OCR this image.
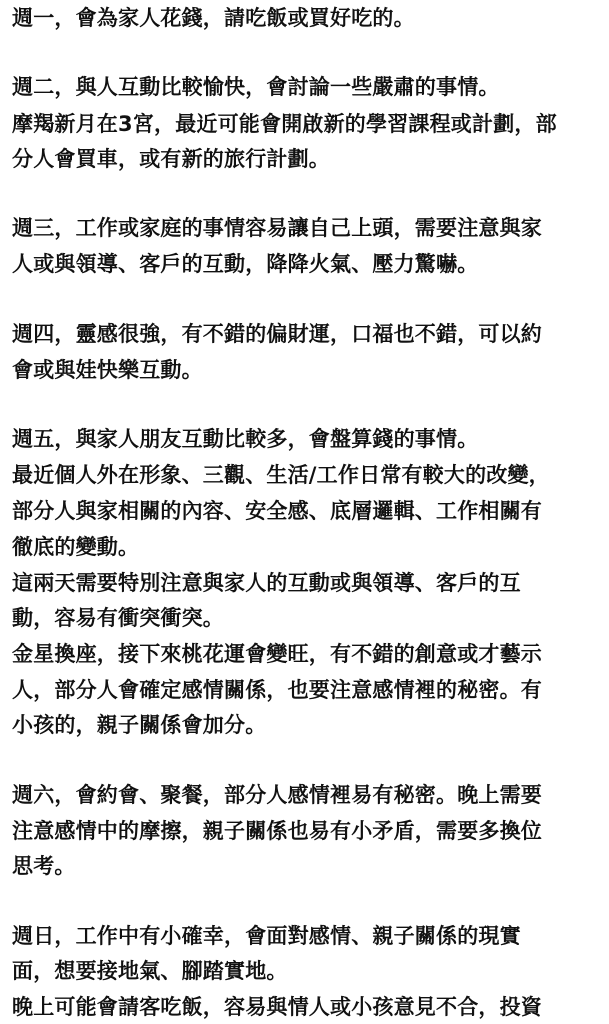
週一，會為家人花錢，請吃飯或買好吃的。
週二，與人互動比較愉快，會討論一些嚴肅的事情。
摩羯新月在3宮，最近可能會開啟新的學習課程或計劃，部
分人會買車，或有新的旅行計劃。
週三，工作或家庭的事情容易讓自己上頭，需要注意與家
人或與領導、客戶的互動，降降火氣、壓力驚嚇。
週四，靈感很強，有不錯的偏財運，口福也不錯，可以約
會或與娃快樂互動。
週五，與家人朋友互動比較多，會盤算錢的事情。
最近個人外在形象、三觀、生活/工作日常有較大的改變，
部分人與家相關的內容、安全感、底層邏輯、工作相關有
徹底的變動。
這兩天需要特別注意與家人的互動或與領導、客戶的互
動，容易有衝突衝突。
金星換座，接下來桃花運會變旺，有不錯的創意或才藝示
人，部分人會確定感情關係，也要注意感情裡的秘密。有
小孩的，親子關係會加分。
週六，會約會、聚餐，部分人感情裡易有秘密。晚上需要
注意感情中的摩擦，親子關係也易有小矛盾，需要多換位
思考。
週日，工作中有小確幸，會面對感情、親子關係的現實
面，想要接地氣、腳踏實地。
晚上可能會請客吃飯，容易與情人或小孩意見不合，投資
